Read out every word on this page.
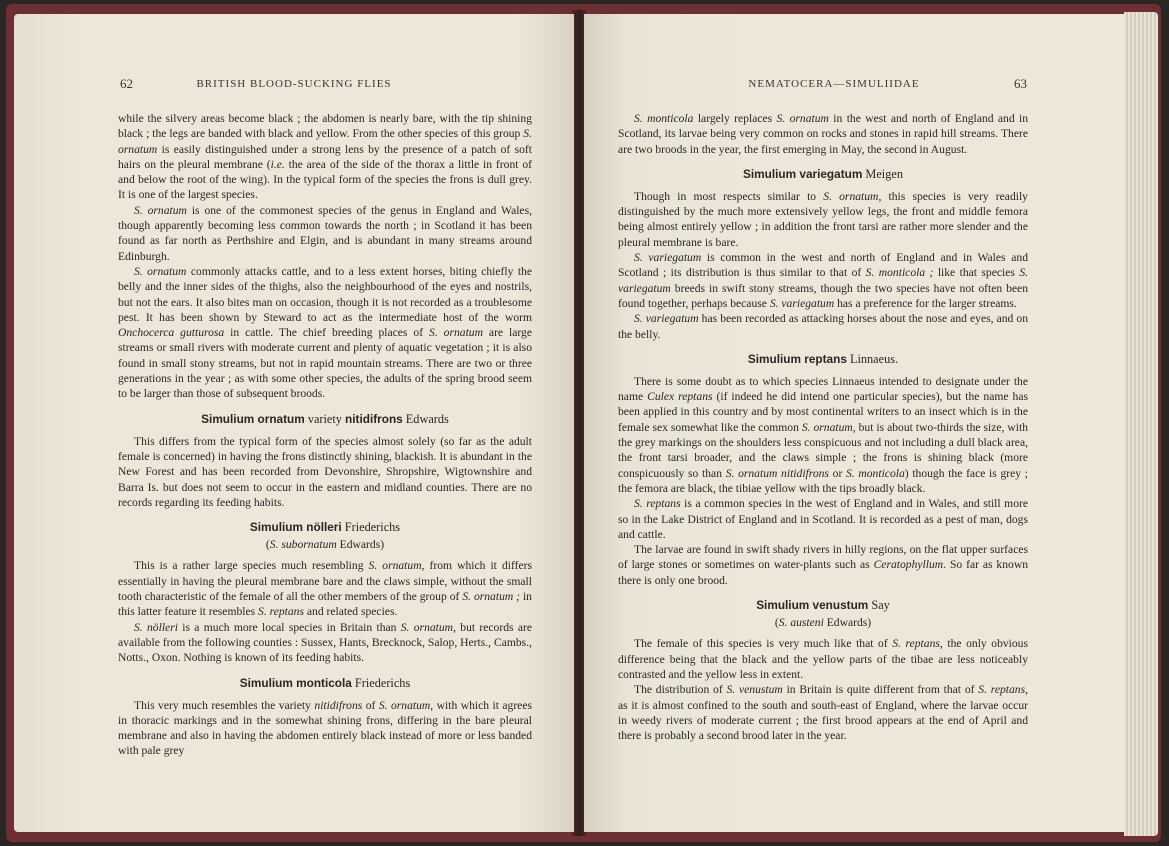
62	BRITISH BLOOD-SUCKING FLIES

while the silvery areas become black ; the abdomen is nearly bare, with the tip shining black ; the legs are banded with black and yellow. From the other species of this group S. ornatum is easily distinguished under a strong lens by the presence of a patch of soft hairs on the pleural membrane (i.e. the area of the side of the thorax a little in front of and below the root of the wing). In the typical form of the species the frons is dull grey. It is one of the largest species.

S. ornatum is one of the commonest species of the genus in England and Wales, though apparently becoming less common towards the north ; in Scotland it has been found as far north as Perthshire and Elgin, and is abundant in many streams around Edinburgh.

S. ornatum commonly attacks cattle, and to a less extent horses, biting chiefly the belly and the inner sides of the thighs, also the neighbourhood of the eyes and nostrils, but not the ears. It also bites man on occasion, though it is not recorded as a troublesome pest. It has been shown by Steward to act as the intermediate host of the worm Onchocerca gutturosa in cattle. The chief breeding places of S. ornatum are large streams or small rivers with moderate current and plenty of aquatic vegetation ; it is also found in small stony streams, but not in rapid mountain streams. There are two or three generations in the year ; as with some other species, the adults of the spring brood seem to be larger than those of subsequent broods.

Simulium ornatum variety nitidifrons Edwards

This differs from the typical form of the species almost solely (so far as the adult female is concerned) in having the frons distinctly shining, blackish. It is abundant in the New Forest and has been recorded from Devonshire, Shropshire, Wigtownshire and Barra Is. but does not seem to occur in the eastern and midland counties. There are no records regarding its feeding habits.

Simulium nölleri Friederichs
(S. subornatum Edwards)

This is a rather large species much resembling S. ornatum, from which it differs essentially in having the pleural membrane bare and the claws simple, without the small tooth characteristic of the female of all the other members of the group of S. ornatum ; in this latter feature it resembles S. reptans and related species.

S. nölleri is a much more local species in Britain than S. ornatum, but records are available from the following counties : Sussex, Hants, Brecknock, Salop, Herts., Cambs., Notts., Oxon. Nothing is known of its feeding habits.

Simulium monticola Friederichs

This very much resembles the variety nitidifrons of S. ornatum, with which it agrees in thoracic markings and in the somewhat shining frons, differing in the bare pleural membrane and also in having the abdomen entirely black instead of more or less banded with pale grey

NEMATOCERA—SIMULIIDAE	63

S. monticola largely replaces S. ornatum in the west and north of England and in Scotland, its larvae being very common on rocks and stones in rapid hill streams. There are two broods in the year, the first emerging in May, the second in August.

Simulium variegatum Meigen

Though in most respects similar to S. ornatum, this species is very readily distinguished by the much more extensively yellow legs, the front and middle femora being almost entirely yellow ; in addition the front tarsi are rather more slender and the pleural membrane is bare.

S. variegatum is common in the west and north of England and in Wales and Scotland ; its distribution is thus similar to that of S. monticola ; like that species S. variegatum breeds in swift stony streams, though the two species have not often been found together, perhaps because S. variegatum has a preference for the larger streams.

S. variegatum has been recorded as attacking horses about the nose and eyes, and on the belly.

Simulium reptans Linnaeus.

There is some doubt as to which species Linnaeus intended to designate under the name Culex reptans (if indeed he did intend one particular species), but the name has been applied in this country and by most continental writers to an insect which is in the female sex somewhat like the common S. ornatum, but is about two-thirds the size, with the grey markings on the shoulders less conspicuous and not including a dull black area, the front tarsi broader, and the claws simple ; the frons is shining black (more conspicuously so than S. ornatum nitidifrons or S. monticola) though the face is grey ; the femora are black, the tibiae yellow with the tips broadly black.

S. reptans is a common species in the west of England and in Wales, and still more so in the Lake District of England and in Scotland. It is recorded as a pest of man, dogs and cattle.

The larvae are found in swift shady rivers in hilly regions, on the flat upper surfaces of large stones or sometimes on water-plants such as Ceratophyllum. So far as known there is only one brood.

Simulium venustum Say
(S. austeni Edwards)

The female of this species is very much like that of S. reptans, the only obvious difference being that the black and the yellow parts of the tibae are less noticeably contrasted and the yellow less in extent.

The distribution of S. venustum in Britain is quite different from that of S. reptans, as it is almost confined to the south and south-east of England, where the larvae occur in weedy rivers of moderate current ; the first brood appears at the end of April and there is probably a second brood later in the year.
